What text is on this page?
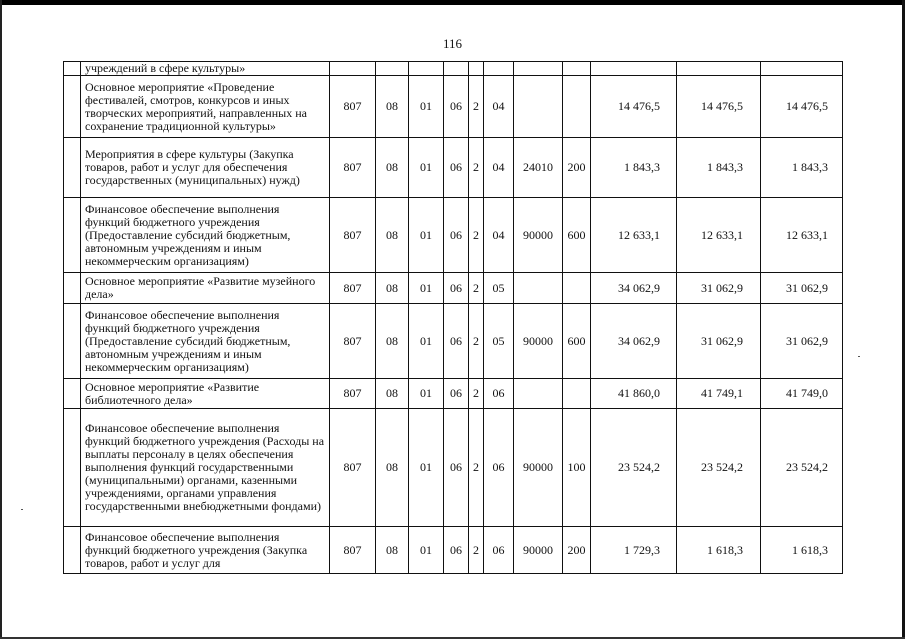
116
	учреждений в сфере культуры»											
	Основное мероприятие «Проведение фестивалей, смотров, конкурсов и иных творческих мероприятий, направленных на сохранение традиционной культуры»	807	08	01	06	2	04			14 476,5	14 476,5	14 476,5
	Мероприятия в сфере культуры (Закупка товаров, работ и услуг для обеспечения государственных (муниципальных) нужд)	807	08	01	06	2	04	24010	200	1 843,3	1 843,3	1 843,3
	Финансовое обеспечение выполнения функций бюджетного учреждения (Предоставление субсидий бюджетным, автономным учреждениям и иным некоммерческим организациям)	807	08	01	06	2	04	90000	600	12 633,1	12 633,1	12 633,1
	Основное мероприятие «Развитие музейного дела»	807	08	01	06	2	05			34 062,9	31 062,9	31 062,9
	Финансовое обеспечение выполнения функций бюджетного учреждения (Предоставление субсидий бюджетным, автономным учреждениям и иным некоммерческим организациям)	807	08	01	06	2	05	90000	600	34 062,9	31 062,9	31 062,9
	Основное мероприятие «Развитие библиотечного дела»	807	08	01	06	2	06			41 860,0	41 749,1	41 749,0
	Финансовое обеспечение выполнения функций бюджетного учреждения (Расходы на выплаты персоналу в целях обеспечения выполнения функций государственными (муниципальными) органами, казенными учреждениями, органами управления государственными внебюджетными фондами)	807	08	01	06	2	06	90000	100	23 524,2	23 524,2	23 524,2
	Финансовое обеспечение выполнения функций бюджетного учреждения (Закупка товаров, работ и услуг для	807	08	01	06	2	06	90000	200	1 729,3	1 618,3	1 618,3
